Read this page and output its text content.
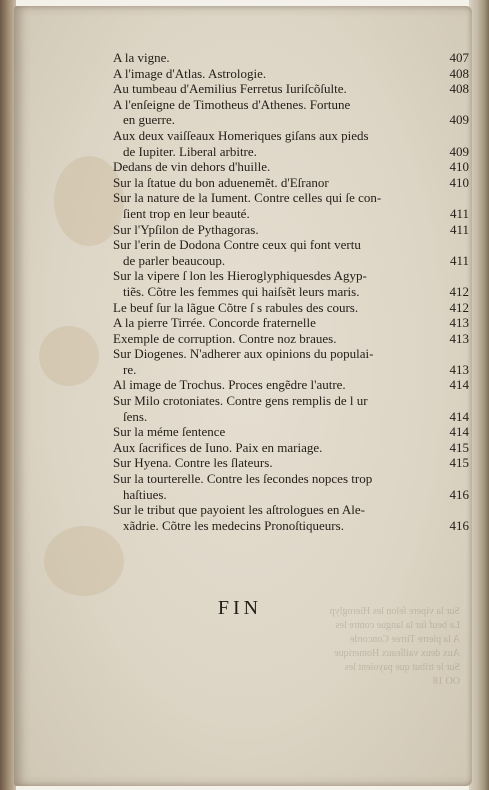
Sur la vipere ſelon les Hieroglyp
Le beuf ſur la langue contre les
A la pierre Tirree Concorde
Aux deux vaiſſeaux Homerique
Sur le tribut que payoient les
OO 18
A la vigne.	407
A l'image d'Atlas. Astrologie.	408
Au tumbeau d'Aemilius Ferretus Iuriſcõſulte.	408
A l'enſeigne de Timotheus d'Athenes. Fortune
en guerre.	409
Aux deux vaiſſeaux Homeriques giſans aux pieds
de Iupiter. Liberal arbitre.	409
Dedans de vin dehors d'huille.	410
Sur la ſtatue du bon aduenemẽt. d'Eſranor	410
Sur la nature de la Iument. Contre celles qui ſe con-
ſient trop en leur beauté.	411
Sur l'Ypſilon de Pythagoras.	411
Sur l'erin de Dodona Contre ceux qui font vertu
de parler beaucoup.	411
Sur la vipere ſ lon les Hieroglyphiquesdes Agyp-
tiẽs. Cõtre les femmes qui haiſsẽt leurs maris.	412
Le beuf ſur la lãgue Cõtre ſ s rabules des cours.	412
A la pierre Tirrée. Concorde fraternelle	413
Exemple de corruption. Contre noz braues.	413
Sur Diogenes. N'adherer aux opinions du populai-
re.	413
Al image de Trochus. Proces engẽdre l'autre.	414
Sur Milo crotoniates. Contre gens remplis de l ur
ſens.	414
Sur la méme ſentence	414
Aux ſacrifices de Iuno. Paix en mariage.	415
Sur Hyena. Contre les ſlateurs.	415
Sur la tourterelle. Contre les ſecondes nopces trop
haſtiues.	416
Sur le tribut que payoient les aſtrologues en Ale-
xãdrie. Cõtre les medecins Pronoſtiqueurs.	416
FIN
